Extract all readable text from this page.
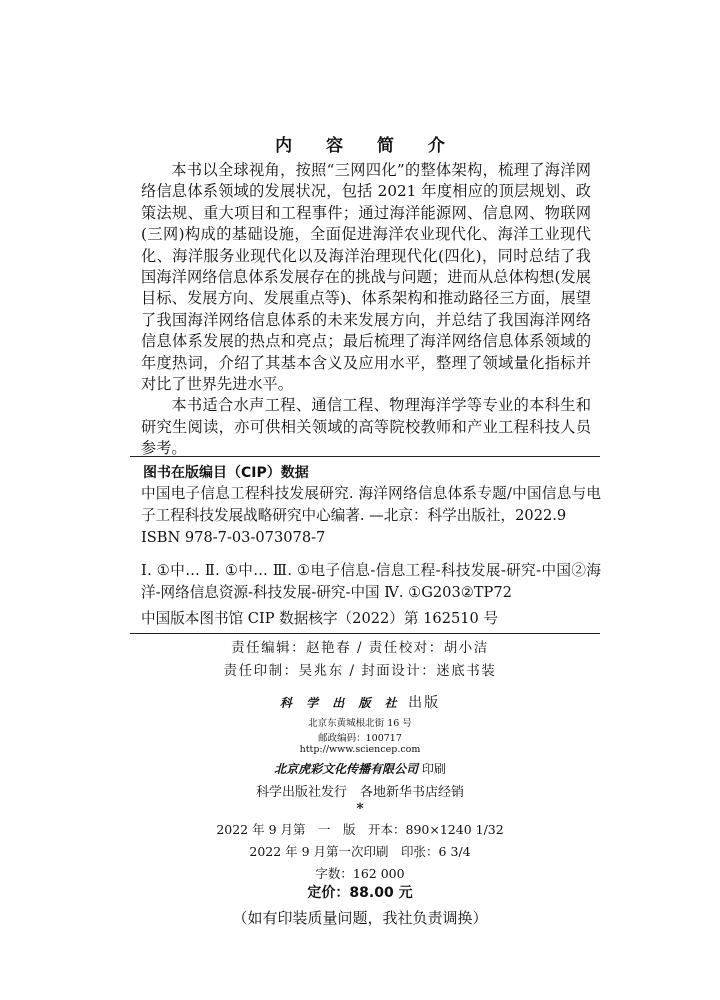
内 容 简 介

本书以全球视角，按照“三网四化”的整体架构，梳理了海洋网络信息体系领域的发展状况，包括 2021 年度相应的顶层规划、政策法规、重大项目和工程事件；通过海洋能源网、信息网、物联网(三网)构成的基础设施，全面促进海洋农业现代化、海洋工业现代化、海洋服务业现代化以及海洋治理现代化(四化)，同时总结了我国海洋网络信息体系发展存在的挑战与问题；进而从总体构想(发展目标、发展方向、发展重点等)、体系架构和推动路径三方面，展望了我国海洋网络信息体系的未来发展方向，并总结了我国海洋网络信息体系发展的热点和亮点；最后梳理了海洋网络信息体系领域的年度热词，介绍了其基本含义及应用水平，整理了领域量化指标并对比了世界先进水平。

本书适合水声工程、通信工程、物理海洋学等专业的本科生和研究生阅读，亦可供相关领域的高等院校教师和产业工程科技人员参考。

图书在版编目（CIP）数据
中国电子信息工程科技发展研究. 海洋网络信息体系专题/中国信息与电子工程科技发展战略研究中心编著. —北京：科学出版社，2022.9
ISBN 978-7-03-073078-7
Ⅰ. ①中… Ⅱ. ①中… Ⅲ. ①电子信息-信息工程-科技发展-研究-中国②海洋-网络信息资源-科技发展-研究-中国 Ⅳ. ①G203②TP72
中国版本图书馆 CIP 数据核字（2022）第 162510 号
责任编辑：赵艳春 / 责任校对：胡小洁
责任印制：吴兆东 / 封面设计：迷底书装
科 学 出 版 社 出版
北京东黄城根北街 16 号
邮政编码：100717
http://www.sciencep.com
北京虎彩文化传播有限公司 印刷
科学出版社发行　各地新华书店经销
*
2022 年 9 月第　一　版　开本：890×1240 1/32
2022 年 9 月第一次印刷　印张：6 3/4
字数：162 000
定价：88.00 元
（如有印装质量问题，我社负责调换）
